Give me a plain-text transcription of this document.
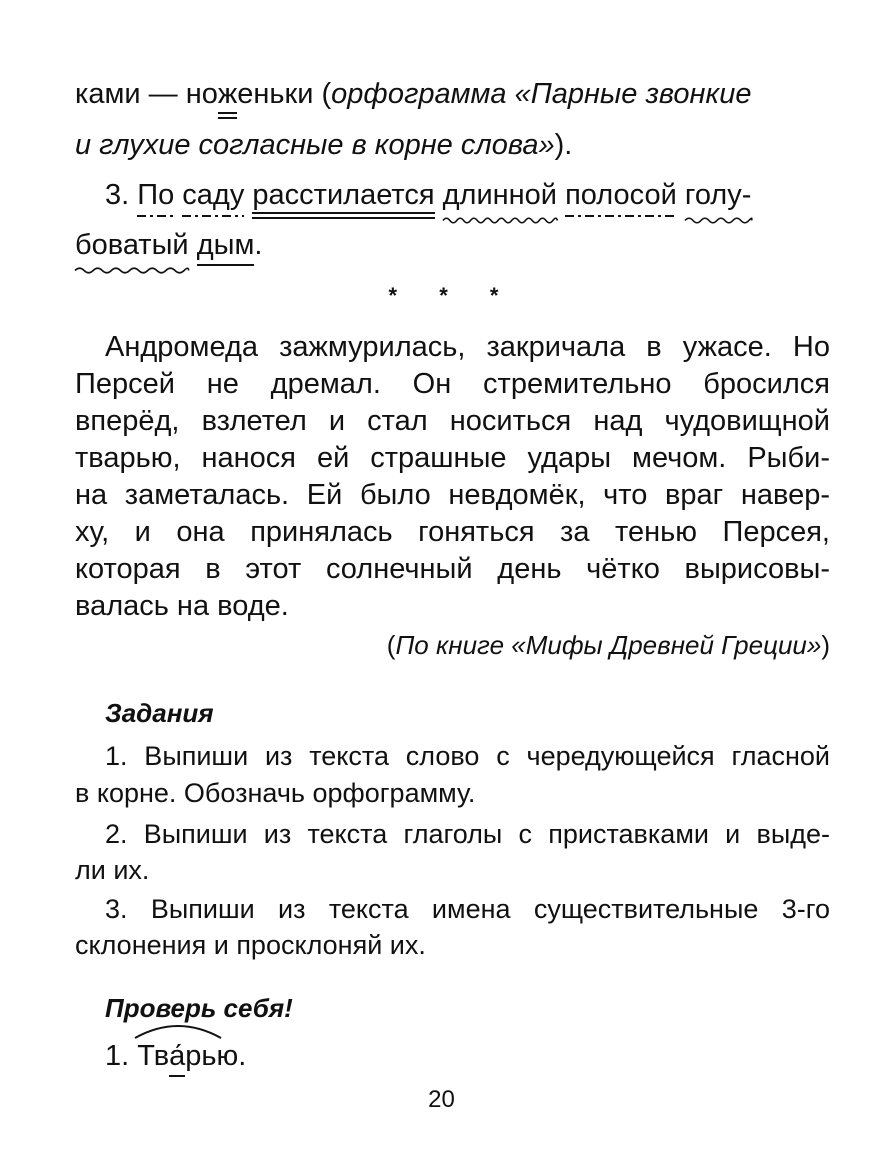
ками — ноженьки (орфограмма «Парные звонкие
и глухие согласные в корне слова»).
3. По саду расстилается длинной полосой голу-
боватый дым.
* * *
Андромеда зажмурилась, закричала в ужасе. Но
Персей не дремал. Он стремительно бросился
вперёд, взлетел и стал носиться над чудовищной
тварью, нанося ей страшные удары мечом. Рыби-
на заметалась. Ей было невдомёк, что враг навер-
ху, и она принялась гоняться за тенью Персея,
которая в этот солнечный день чётко вырисовы-
валась на воде.
(По книге «Мифы Древней Греции»)
Задания
1. Выпиши из текста слово с чередующейся гласной
в корне. Обозначь орфограмму.
2. Выпиши из текста глаголы с приставками и выде-
ли их.
3. Выпиши из текста имена существительные 3-го
склонения и просклоняй их.
Проверь себя!
1. Тва́рью.
20
